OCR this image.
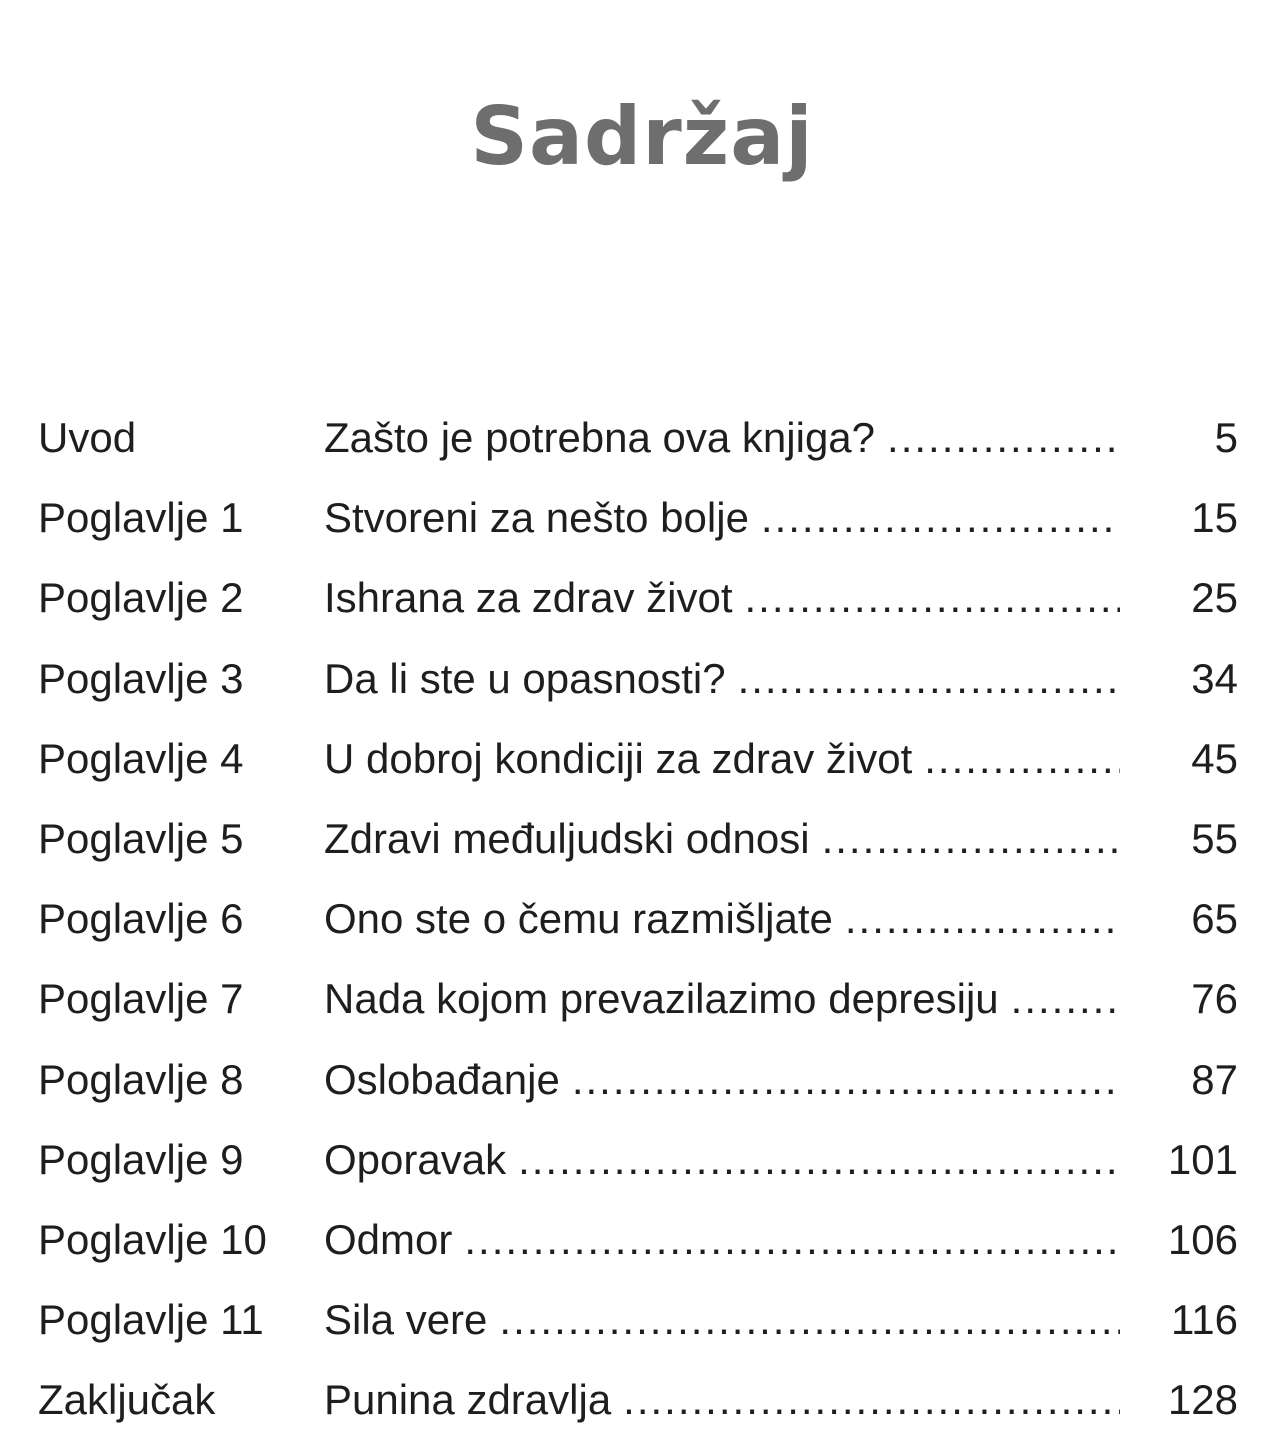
Sadržaj
Uvod	Zašto je potrebna ova knjiga? .....	5
Poglavlje 1	Stvoreni za nešto bolje .....	15
Poglavlje 2	Ishrana za zdrav život .....	25
Poglavlje 3	Da li ste u opasnosti? .....	34
Poglavlje 4	U dobroj kondiciji za zdrav život .....	45
Poglavlje 5	Zdravi međuljudski odnosi .....	55
Poglavlje 6	Ono ste o čemu razmišljate .....	65
Poglavlje 7	Nada kojom prevazilazimo depresiju .....	76
Poglavlje 8	Oslobađanje .....	87
Poglavlje 9	Oporavak .....	101
Poglavlje 10	Odmor .....	106
Poglavlje 11	Sila vere .....	116
Zaključak	Punina zdravlja .....	128
